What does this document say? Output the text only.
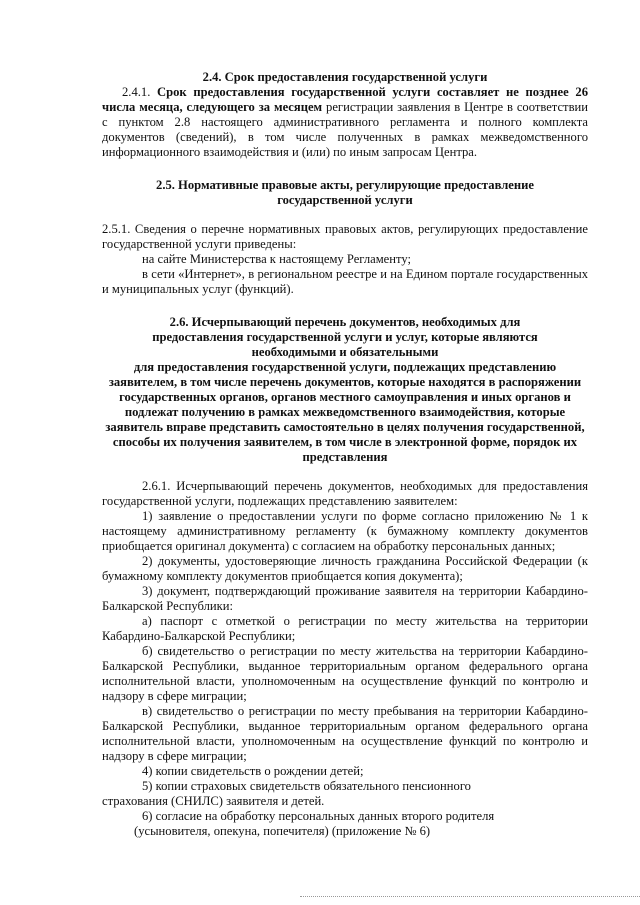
2.4. Срок предоставления государственной услуги

2.4.1. Срок предоставления государственной услуги составляет не позднее 26 числа месяца, следующего за месяцем регистрации заявления в Центре в соответствии с пунктом 2.8 настоящего административного регламента и полного комплекта документов (сведений), в том числе полученных в рамках межведомственного информационного взаимодействия и (или) по иным запросам Центра.

2.5. Нормативные правовые акты, регулирующие предоставление

государственной услуги

2.5.1. Сведения о перечне нормативных правовых актов, регулирующих предоставление государственной услуги приведены:

на сайте Министерства к настоящему Регламенту;

в сети «Интернет», в региональном реестре и на Едином портале государственных и муниципальных услуг (функций).

2.6. Исчерпывающий перечень документов, необходимых для
предоставления государственной услуги и услуг, которые являются
необходимыми и обязательными
для предоставления государственной услуги, подлежащих представлению
заявителем, в том числе перечень документов, которые находятся в распоряжении
государственных органов, органов местного самоуправления и иных органов и
подлежат получению в рамках межведомственного взаимодействия, которые
заявитель вправе представить самостоятельно в целях получения государственной,
способы их получения заявителем, в том числе в электронной форме, порядок их
представления

2.6.1. Исчерпывающий перечень документов, необходимых для предоставления государственной услуги, подлежащих представлению заявителем:

1) заявление о предоставлении услуги по форме согласно приложению № 1 к настоящему административному регламенту (к бумажному комплекту документов приобщается оригинал документа) с согласием на обработку персональных данных;

2) документы, удостоверяющие личность гражданина Российской Федерации (к бумажному комплекту документов приобщается копия документа);

3) документ, подтверждающий проживание заявителя на территории Кабардино-Балкарской Республики:

а) паспорт с отметкой о регистрации по месту жительства на территории Кабардино-Балкарской Республики;

б) свидетельство о регистрации по месту жительства на территории Кабардино-Балкарской Республики, выданное территориальным органом федерального органа исполнительной власти, уполномоченным на осуществление функций по контролю и надзору в сфере миграции;

в) свидетельство о регистрации по месту пребывания на территории Кабардино-Балкарской Республики, выданное территориальным органом федерального органа исполнительной власти, уполномоченным на осуществление функций по контролю и надзору в сфере миграции;

4) копии свидетельств о рождении детей;

5) копии страховых свидетельств обязательного пенсионного

страхования (СНИЛС) заявителя и детей.

6) согласие на обработку персональных данных второго родителя

(усыновителя, опекуна, попечителя) (приложение № 6)
